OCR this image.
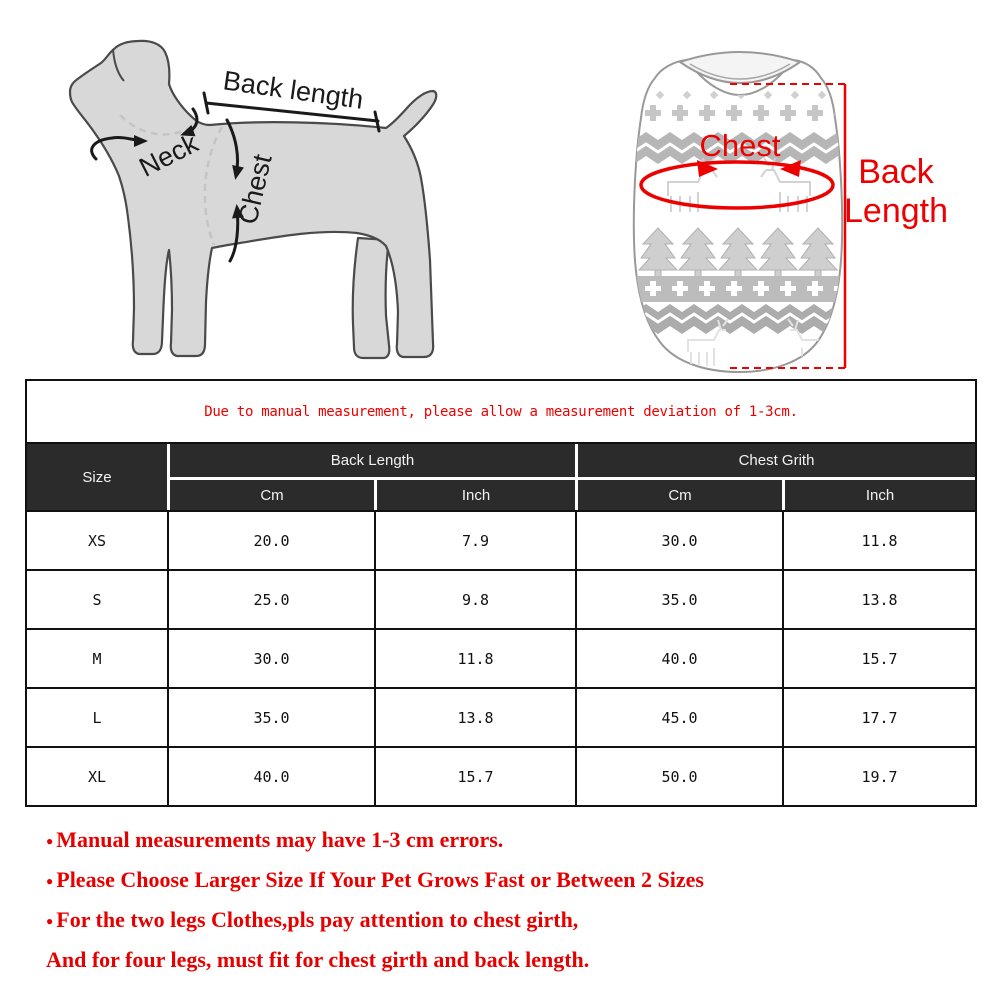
Back length
Neck Chest
Chest
Back
Length
Due to manual measurement, please allow a measurement deviation of 1-3cm.
Size
Back Length	Chest Grith
Cm	Inch	Cm	Inch
XS	20.0	7.9	30.0	11.8
S	25.0	9.8	35.0	13.8
M	30.0	11.8	40.0	15.7
L	35.0	13.8	45.0	17.7
XL	40.0	15.7	50.0	19.7
● Manual measurements may have 1-3 cm errors.
● Please Choose Larger Size If Your Pet Grows Fast or Between 2 Sizes
● For the two legs Clothes,pls pay attention to chest girth,
And for four legs, must fit for chest girth and back length.
